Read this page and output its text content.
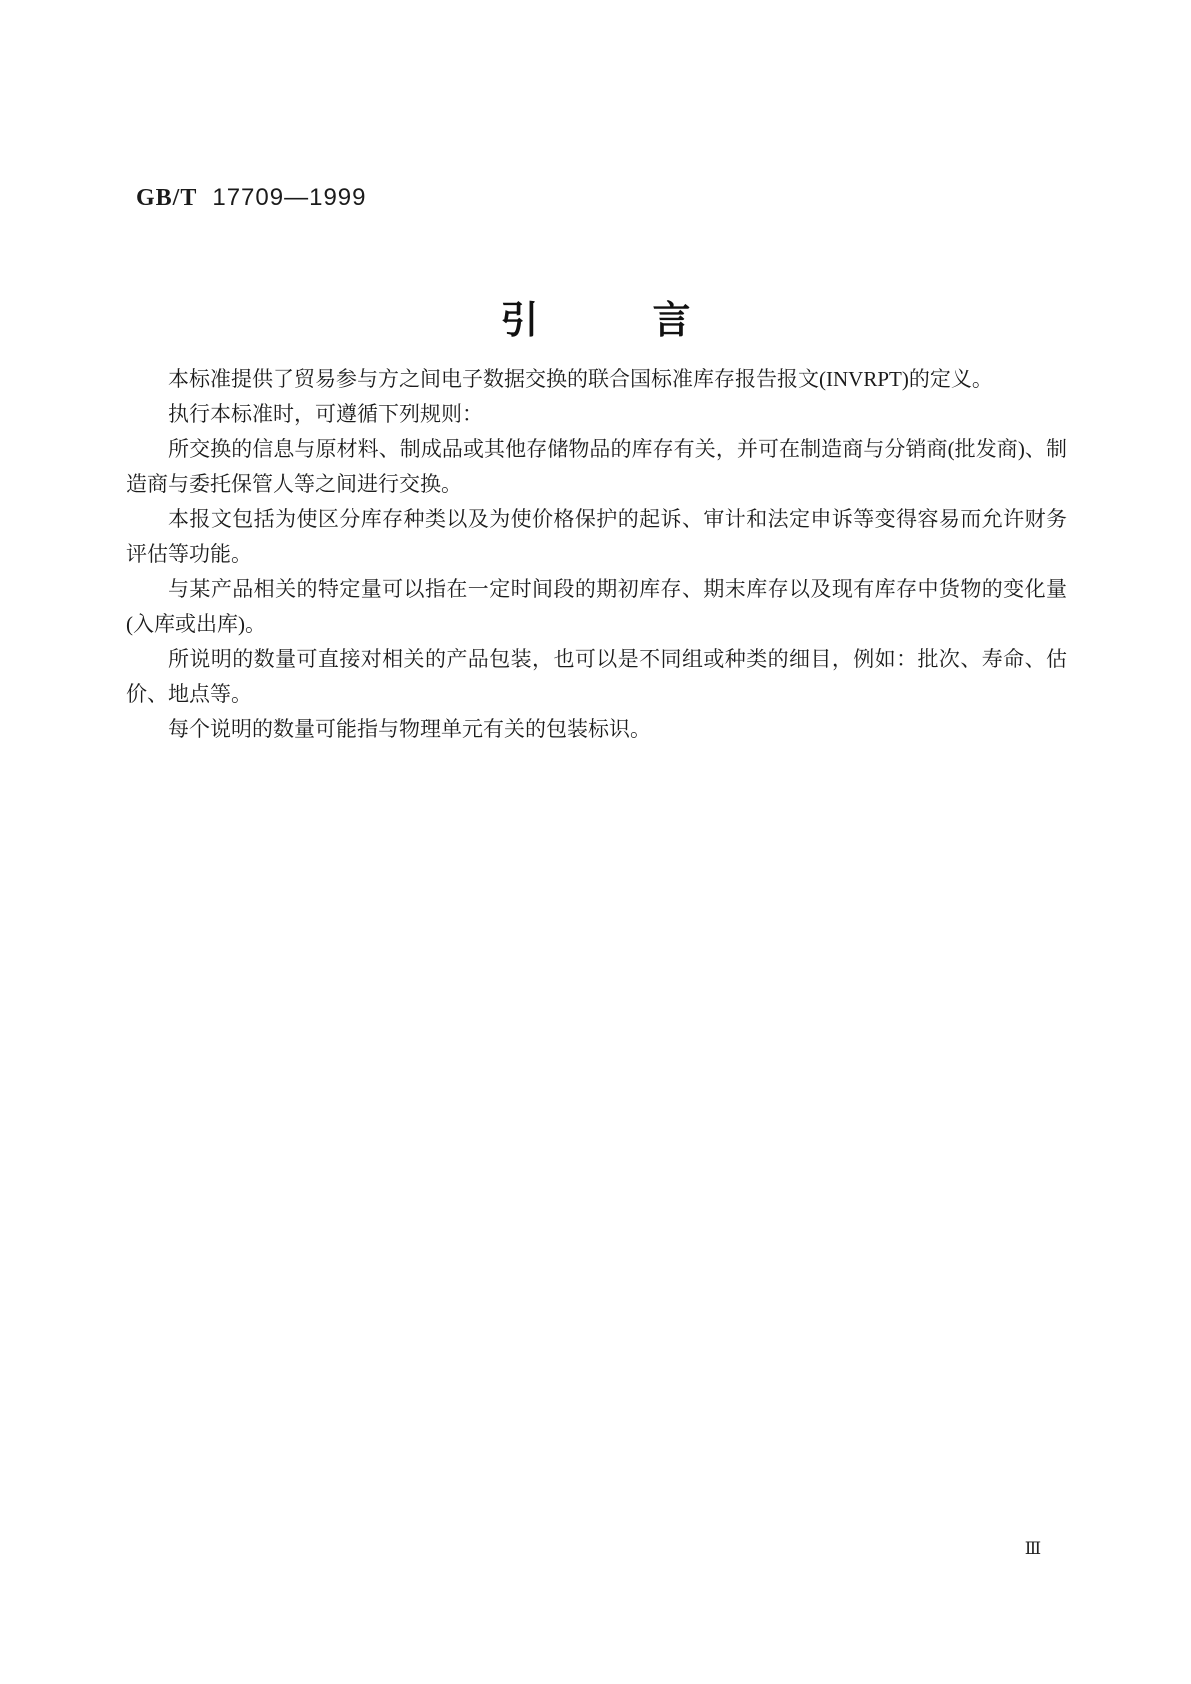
GB/T 17709—1999
引　　　言

本标准提供了贸易参与方之间电子数据交换的联合国标准库存报告报文(INVRPT)的定义。

执行本标准时，可遵循下列规则：

所交换的信息与原材料、制成品或其他存储物品的库存有关，并可在制造商与分销商(批发商)、制造商与委托保管人等之间进行交换。

本报文包括为使区分库存种类以及为使价格保护的起诉、审计和法定申诉等变得容易而允许财务评估等功能。

与某产品相关的特定量可以指在一定时间段的期初库存、期末库存以及现有库存中货物的变化量(入库或出库)。

所说明的数量可直接对相关的产品包装，也可以是不同组或种类的细目，例如：批次、寿命、估价、地点等。

每个说明的数量可能指与物理单元有关的包装标识。

Ⅲ
